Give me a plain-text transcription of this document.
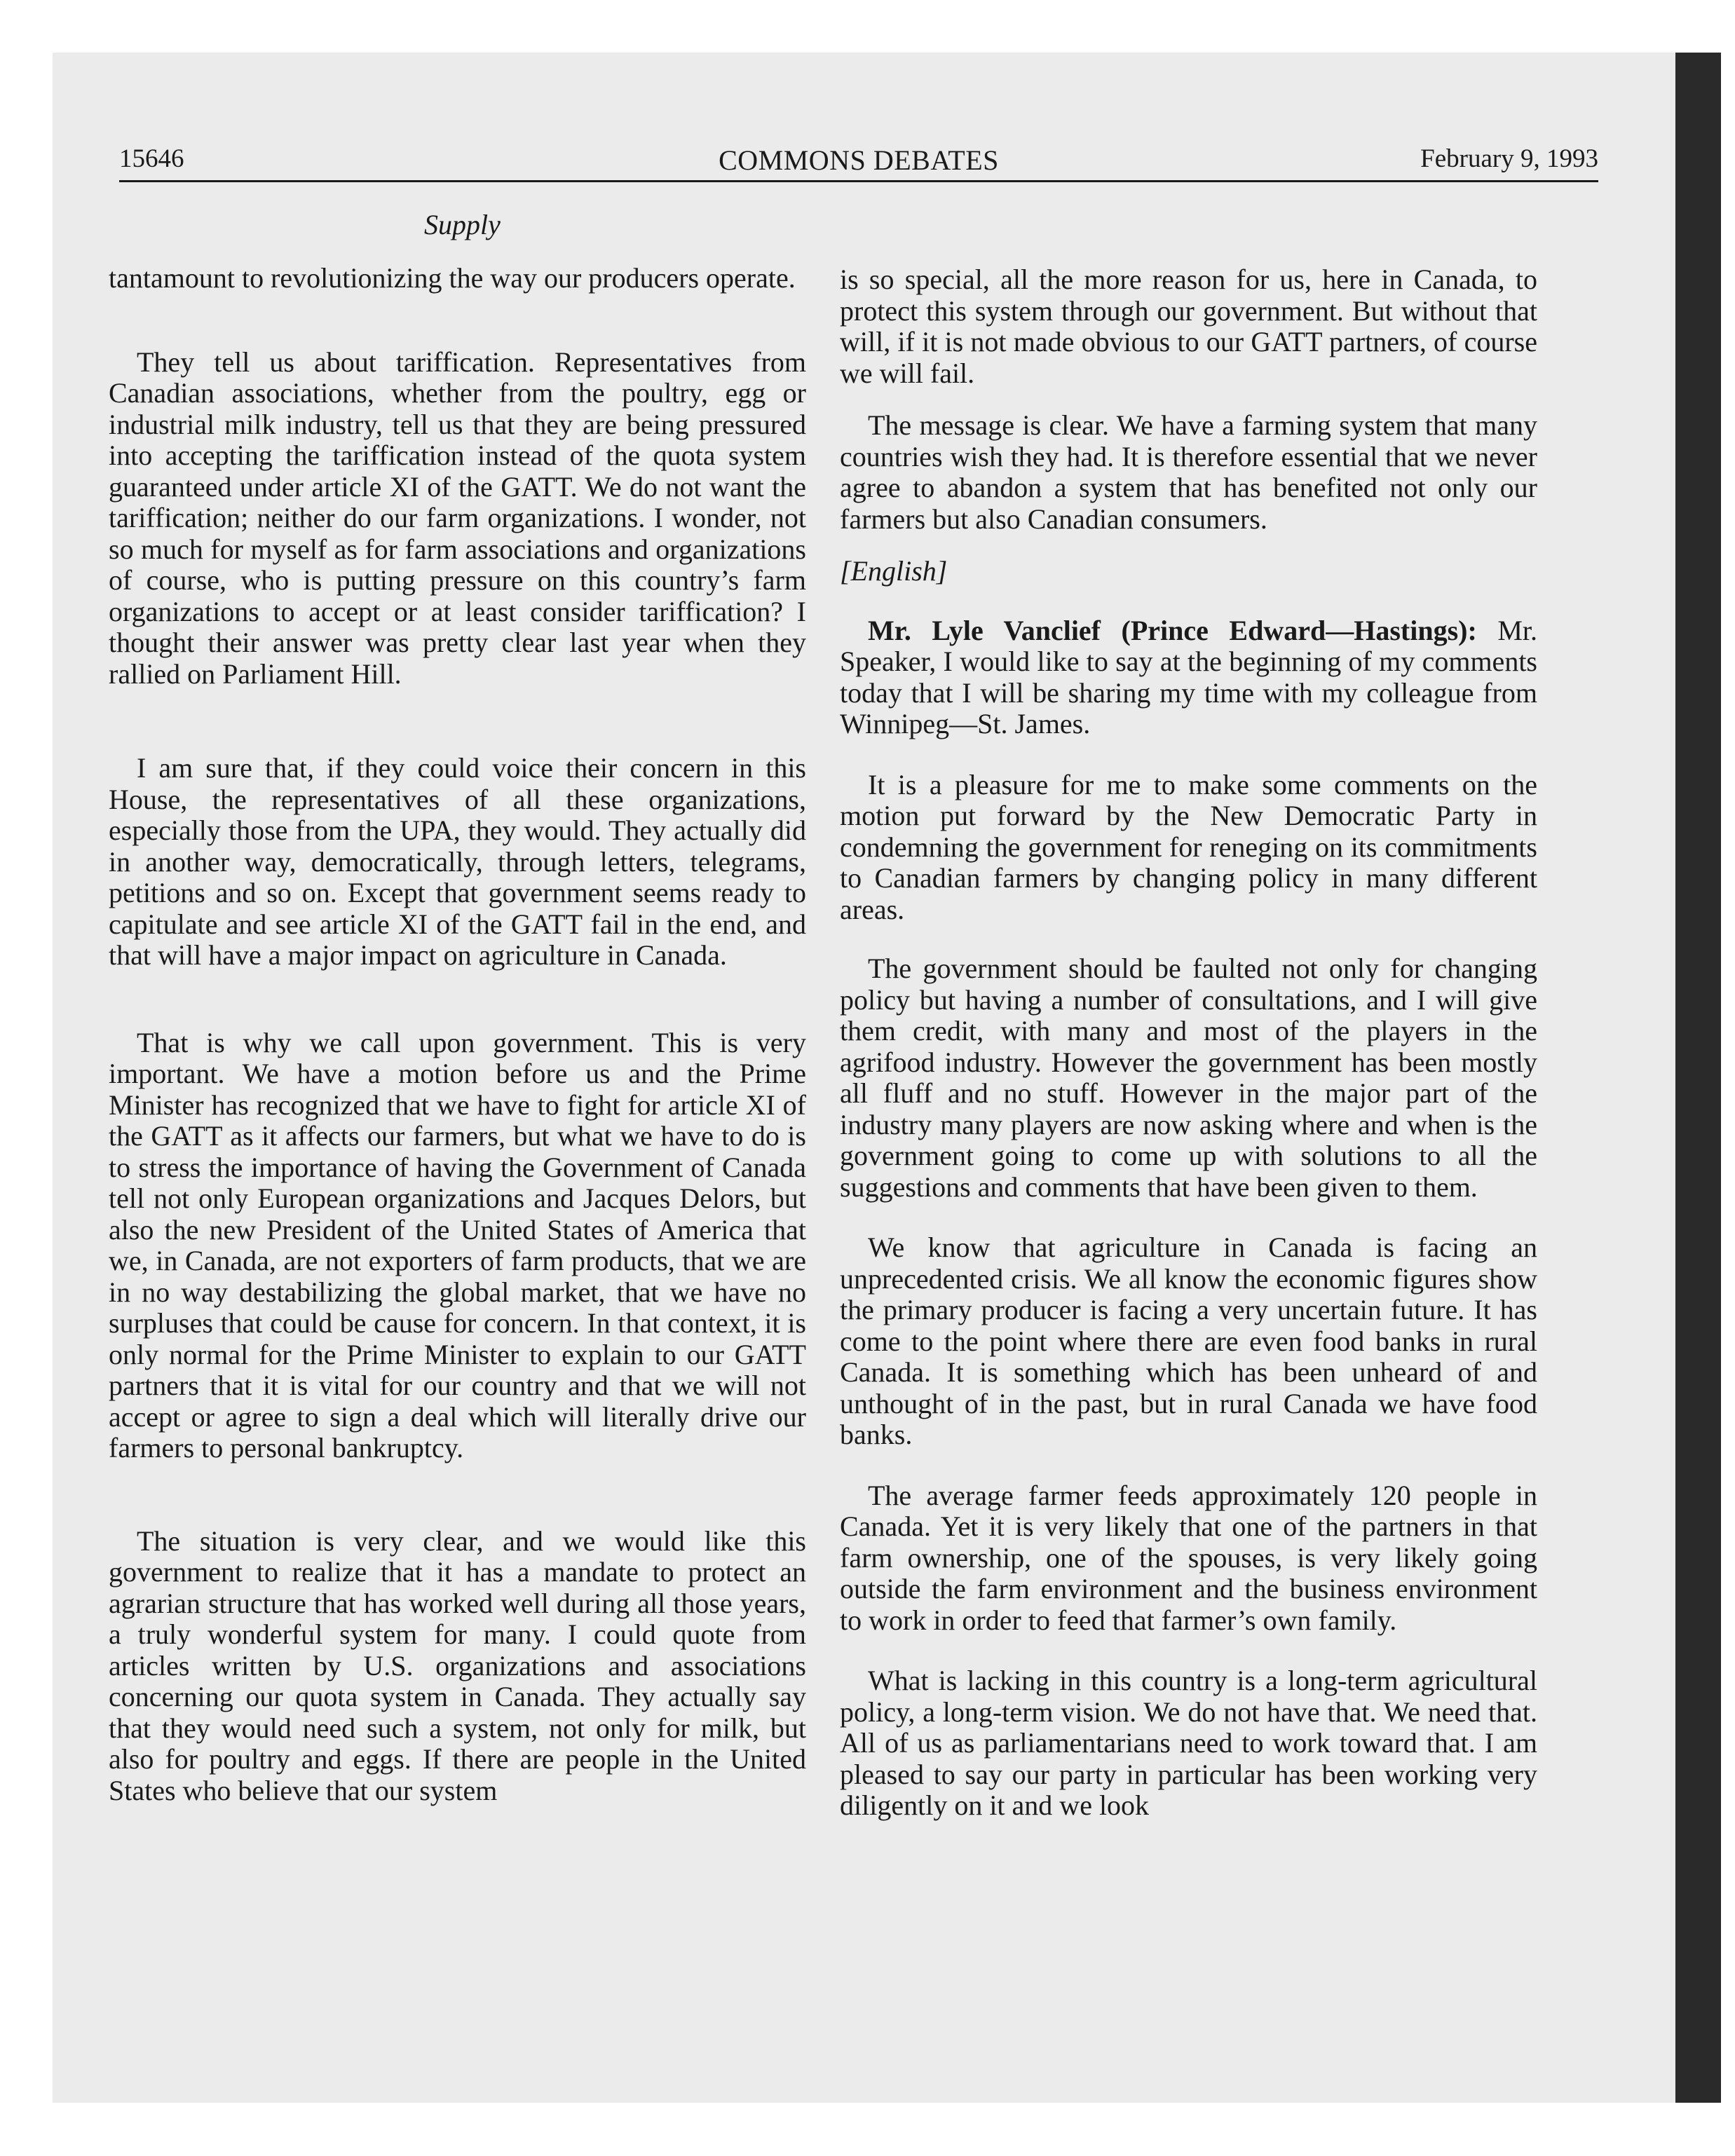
15646	COMMONS DEBATES	February 9, 1993
Supply

tantamount to revolutionizing the way our producers operate.

They tell us about tariffication. Representatives from Canadian associations, whether from the poultry, egg or industrial milk industry, tell us that they are being pressured into accepting the tariffication instead of the quota system guaranteed under article XI of the GATT. We do not want the tariffication; neither do our farm organizations. I wonder, not so much for myself as for farm associations and organizations of course, who is putting pressure on this country’s farm organizations to accept or at least consider tariffication? I thought their answer was pretty clear last year when they rallied on Parliament Hill.

I am sure that, if they could voice their concern in this House, the representatives of all these organizations, especially those from the UPA, they would. They actually did in another way, democratically, through letters, telegrams, petitions and so on. Except that government seems ready to capitulate and see article XI of the GATT fail in the end, and that will have a major impact on agriculture in Canada.

That is why we call upon government. This is very important. We have a motion before us and the Prime Minister has recognized that we have to fight for article XI of the GATT as it affects our farmers, but what we have to do is to stress the importance of having the Government of Canada tell not only European organizations and Jacques Delors, but also the new President of the United States of America that we, in Canada, are not exporters of farm products, that we are in no way destabilizing the global market, that we have no surpluses that could be cause for concern. In that context, it is only normal for the Prime Minister to explain to our GATT partners that it is vital for our country and that we will not accept or agree to sign a deal which will literally drive our farmers to personal bankruptcy.

The situation is very clear, and we would like this government to realize that it has a mandate to protect an agrarian structure that has worked well during all those years, a truly wonderful system for many. I could quote from articles written by U.S. organizations and associations concerning our quota system in Canada. They actually say that they would need such a system, not only for milk, but also for poultry and eggs. If there are people in the United States who believe that our system

is so special, all the more reason for us, here in Canada, to protect this system through our government. But without that will, if it is not made obvious to our GATT partners, of course we will fail.

The message is clear. We have a farming system that many countries wish they had. It is therefore essential that we never agree to abandon a system that has benefited not only our farmers but also Canadian consumers.

[English]

Mr. Lyle Vanclief (Prince Edward—Hastings): Mr. Speaker, I would like to say at the beginning of my comments today that I will be sharing my time with my colleague from Winnipeg—St. James.

It is a pleasure for me to make some comments on the motion put forward by the New Democratic Party in condemning the government for reneging on its commitments to Canadian farmers by changing policy in many different areas.

The government should be faulted not only for changing policy but having a number of consultations, and I will give them credit, with many and most of the players in the agrifood industry. However the government has been mostly all fluff and no stuff. However in the major part of the industry many players are now asking where and when is the government going to come up with solutions to all the suggestions and comments that have been given to them.

We know that agriculture in Canada is facing an unprecedented crisis. We all know the economic figures show the primary producer is facing a very uncertain future. It has come to the point where there are even food banks in rural Canada. It is something which has been unheard of and unthought of in the past, but in rural Canada we have food banks.

The average farmer feeds approximately 120 people in Canada. Yet it is very likely that one of the partners in that farm ownership, one of the spouses, is very likely going outside the farm environment and the business environment to work in order to feed that farmer’s own family.

What is lacking in this country is a long-term agricultural policy, a long-term vision. We do not have that. We need that. All of us as parliamentarians need to work toward that. I am pleased to say our party in particular has been working very diligently on it and we look
